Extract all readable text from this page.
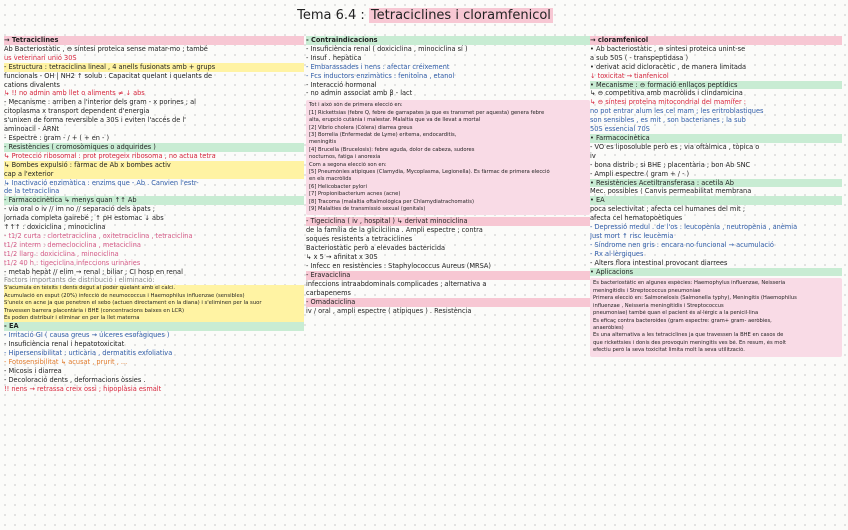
Tema 6.4 : Tetraciclines i cloramfenicol
→ Tetraciclines
Ab Bacteriostàtic , ⊖ síntesi proteica sense matar-mo ; també
us veterinari unió 30S
- Estructura : tetraciclina lineal , 4 anells fusionats amb + grups
funcionals - OH | NH2 ↑ solub . Capacitat quelant i quelants de
cations divalents
↳ !! no admin amb llet o aliments ≠ ↓ abs
- Mecanisme : arriben a l'interior dels gram - x porines ; al
citoplasma x transport dependent d'energia
s'unixen de forma reversible a 30S i eviten l'accés de l'
aminoacil - ARNt
- Espectre : gram - / + ( + en - )
- Resistències ( cromosòmiques o adquirides )
↳ Protecció ribosomal : prot protegeix ribosoma , no actua tetra
↳ Bombes expulsió : fàrmac de Ab x bombes activ
cap a l'exterior
↳ Inactivació enzimàtica : enzims que - Ab . Canvien l'estr-
de la tetraciclina
- Farmacocinètica ↳ menys quan ↑↑ Ab
- via oral o iv // im no // separació dels àpats ;
jornada completa gairebé ; ↑ pH estomac ↓ abs
↑↑↑ : doxiciclina , minociclina
- t1/2 curta : clortetraciclina , oxitetraciclina , tetraciclina
t1/2 interm : demeclociclina , metaciclina
t1/2 llarg : doxiciclina , minociclina
t1/2 40 h : tigeciclina infeccions urinàries
- metab hepàt // elim → renal ; biliar ; CI hosp en renal
Factors importants de distribució i eliminació:
S'acumula en teixits i dents degut al poder quelant amb el calci.
Acumulació en esput (20%) infecció de neumococcus i Haemophilus influenzae (sensibles)
S'uneix en acne ja que penetren el sebo (actuen directament en la diana) i s'eliminen per la suor
Travessen barrera placentària i BHE (concentracions baixes en LCR)
Es poden distribuir i eliminar en per la llet materna
- EA
- Irritació GI ( causa greus → úlceres esofàgiques )
- Insuficiència renal i hepatotoxicitat
- Hipersensibilitat : urticària , dermatitis exfoliativa
- Fotosensibilitat ↳ acusat , prurit , ...
- Micosis i diarrea
- Decoloració dents , deformacions òssies .
!! nens → retrassa creix ossi ; hipoplàsia esmalt
- Contraindicacions
- Insuficiència renal ( doxiciclina , minociclina sí )
- Insuf . hepàtica
- Embarassades i nens : afectar créixement
- Fcs inductors enzimàtics : fenitoïna , etanol
- Interacció hormonal
- no admin associat amb β - lact
Tot i això són de primera elecció en:
[1] Rickettsias (febre Q, febre de garrapates ja que es transmet per aquesta) genera febre
alta, erupció cutània i malestar. Malaltia que va de llevat a mortal
[2] Vibrio cholera (Còlera) diarrea greus
[3] Borrelia (Enfermedat de Lyme) eritema, endocarditis,
meningitis
[4] Brucella (Brucelosis): febre aguda, dolor de cabeza, sudores
nocturnos, fatiga i anorexia
Com a segona elecció son en:
[5] Pneumònies atípiques (Clamydia, Mycoplasma, Legionella). Es fàrmac de primera elecció
en els macròlids
[6] Helicobacter pylori
[7] Propionibacterium acnes (acne)
[8] Tracoma (malaltia oftalmològica per Chlamydiatrachomatis)
[9] Malalties de transmissió sexual (genitals)
- Tigeciclina ( iv , hospital ) ↳ derivat minociclina
de la família de la glicilcilina . Ampli espectre ; contra
soques resistents a tetraciclines
Bacteriostàtic però a elevades bactericida
↳ x 5 → afinitat x 30S
- Infecc en resistències : Staphylococcus Aureus (MRSA)
- Eravaciclina
infeccions intraabdominals complicades ; alternativa a
carbapenems
- Omadaciclina
iv / oral , ampli espectre ( atípiques ) . Resistència
→ cloramfenicol
• Ab bacteriostàtic , ⊖ síntesi proteica unint-se
a sub 50S ( - transpeptidasa )
• derivat acid dicloracètic , de manera limitada
↓ toxicitat → tianfenicol
• Mecanisme : ⊖ formació enllaços peptídics
↳ ⊖ competitiva amb macròlids i clindamicina
↳ ⊖ síntesi proteïna mitocondrial del mamífer :
no pot entrar alum les cel mam ; les eritroblastiques
son sensibles , es mit , son bacterianes ; la sub
50S essencial 70S
• Farmacocinètica
- VO es liposoluble però es ; via oftàlmica , tòpica o
iv
- bona distrib ; si BHE ; placentària ; bon Ab SNC
- Ampli espectre ( gram + / - )
• Resistències Acetiltransferasa : acetila Ab
Mec. possibles ⟨ Canvis permeabilitat membrana
• EA
poca selectivitat ; afecta cel humanes del mit ;
afecta cel hematopoètiques
- Depressió medul . de l'os : leucopènia , neutropènia , anèmia
Just mort ↑ risc leucèmia
- Síndrome nen gris : encara no funcional → acumulació
- Rx al·lèrgiques
- Alters flora intestinal provocant diarrees
• Aplicacions
És bacteriostàtic en algunes espècies: Haemophylus influenzae, Neisseria
meningitidis i Streptococcus pneumoniae
Primera elecció en: Salmonelosis (Salmonella typhy), Meningitis (Haemophilus
influenzae , Neisseria meningitidis i Streptococcus
pneumoniae) també quan el pacient és al·lèrgic a la penicil·lina
És eficaç contra bacteroides (gram espectre: gram+ gram- aeròbies,
anaeròbies)
És una alternativa a les tetraciclines ja que travessen la BHE en casos de
que rickettsies i donis des provoquin meningitis ves bé. En resum, és molt
efectiu però la seva toxicitat limita molt la seva utilització.
